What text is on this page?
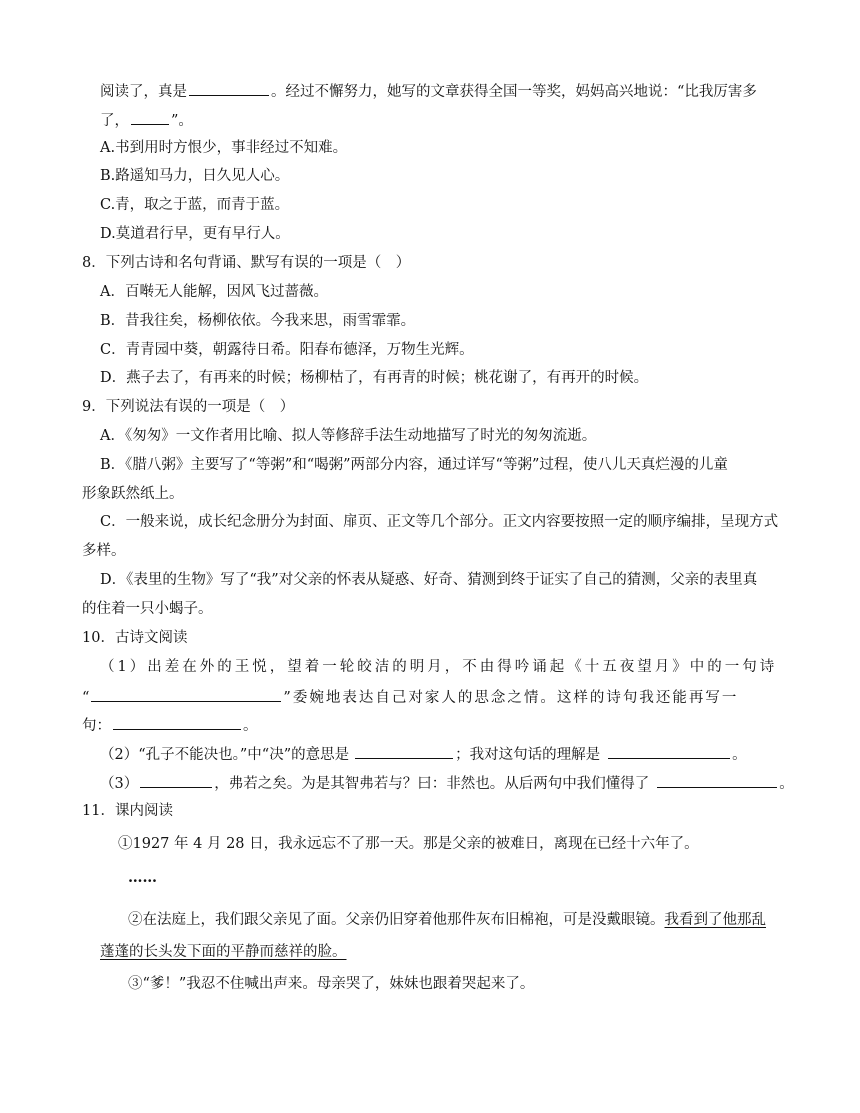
阅读了，真是	。经过不懈努力，她写的文章获得全国一等奖，妈妈高兴地说：“比我厉害多
了，	”。
A.书到用时方恨少，事非经过不知难。
B.路遥知马力，日久见人心。
C.青，取之于蓝，而青于蓝。
D.莫道君行早，更有早行人。
8．下列古诗和名句背诵、默写有误的一项是（　）
A．百啭无人能解，因风飞过蔷薇。
B．昔我往矣，杨柳依依。今我来思，雨雪霏霏。
C．青青园中葵，朝露待日希。阳春布德泽，万物生光辉。
D．燕子去了，有再来的时候；杨柳枯了，有再青的时候；桃花谢了，有再开的时候。
9．下列说法有误的一项是（　）
A．《匆匆》一文作者用比喻、拟人等修辞手法生动地描写了时光的匆匆流逝。
B．《腊八粥》主要写了“等粥”和“喝粥”两部分内容，通过详写“等粥”过程，使八儿天真烂漫的儿童
形象跃然纸上。
C．一般来说，成长纪念册分为封面、扉页、正文等几个部分。正文内容要按照一定的顺序编排，呈现方式
多样。
D．《表里的生物》写了“我”对父亲的怀表从疑惑、好奇、猜测到终于证实了自己的猜测，父亲的表里真
的住着一只小蝎子。
10．古诗文阅读
（1）出差在外的王悦，望着一轮皎洁的明月，不由得吟诵起《十五夜望月》中的一句诗
“	”委婉地表达自己对家人的思念之情。这样的诗句我还能再写一
句：	。
（2）“孔子不能决也。”中“决”的意思是	；我对这句话的理解是	。
（3）	，弗若之矣。为是其智弗若与？曰：非然也。从后两句中我们懂得了	。
11．课内阅读
①1927 年 4 月 28 日，我永远忘不了那一天。那是父亲的被难日，离现在已经十六年了。
……
②在法庭上，我们跟父亲见了面。父亲仍旧穿着他那件灰布旧棉袍，可是没戴眼镜。我看到了他那乱
蓬蓬的长头发下面的平静而慈祥的脸。
③“爹！”我忍不住喊出声来。母亲哭了，妹妹也跟着哭起来了。
